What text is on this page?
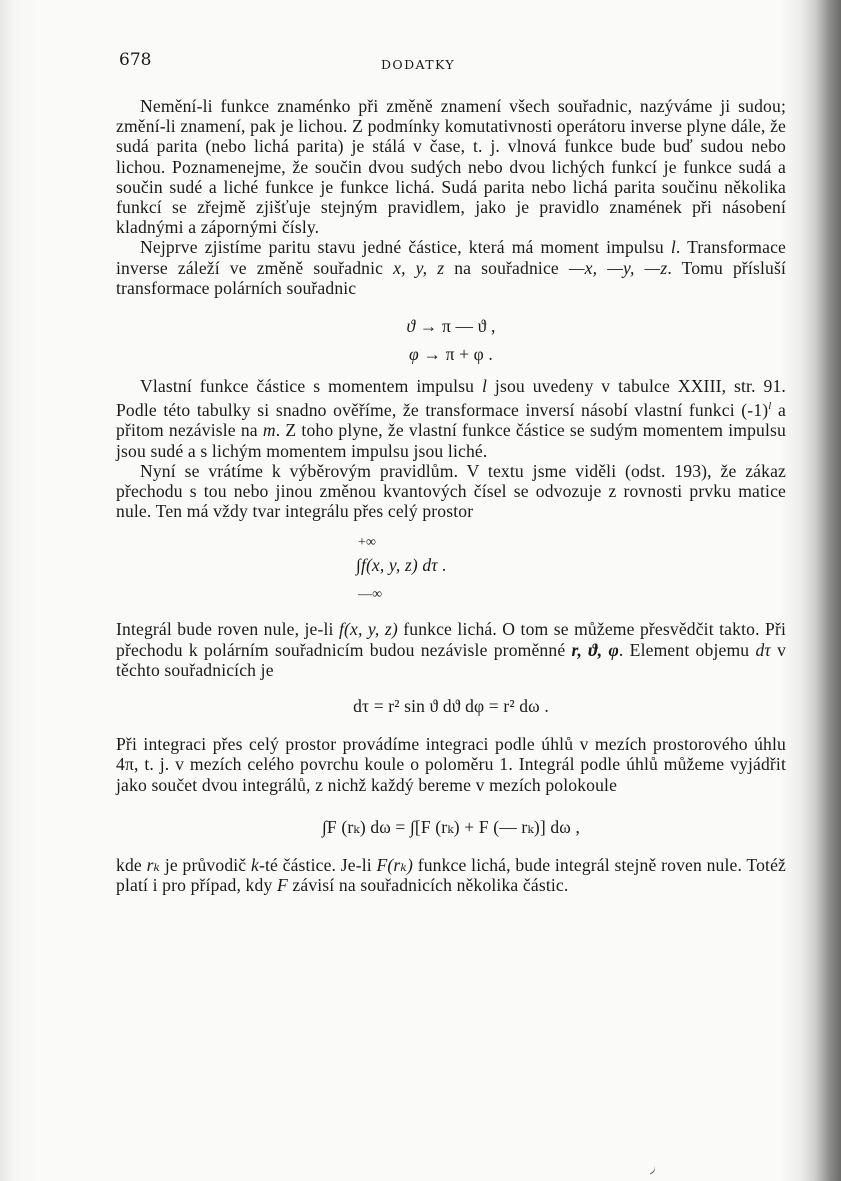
678	DODATKY

Nemění-li funkce znaménko při změně znamení všech souřadnic, nazýváme ji sudou; změní-li znamení, pak je lichou. Z podmínky komutativnosti operátoru inverse plyne dále, že sudá parita (nebo lichá parita) je stálá v čase, t. j. vlnová funkce bude buď sudou nebo lichou. Poznamenejme, že součin dvou sudých nebo dvou lichých funkcí je funkce sudá a součin sudé a liché funkce je funkce lichá. Sudá parita nebo lichá parita součinu několika funkcí se zřejmě zjišťuje stejným pravidlem, jako je pravidlo znamének při násobení kladnými a zápornými čísly.

Nejprve zjistíme paritu stavu jedné částice, která má moment impulsu l. Transformace inverse záleží ve změně souřadnic x, y, z na souřadnice —x, —y, —z. Tomu přísluší transformace polárních souřadnic

ϑ → π — ϑ ,

φ → π + φ .

Vlastní funkce částice s momentem impulsu l jsou uvedeny v tabulce XXIII, str. 91. Podle této tabulky si snadno ověříme, že transformace inversí násobí vlastní funkci $(-1)^l$ a přitom nezávisle na m. Z toho plyne, že vlastní funkce částice se sudým momentem impulsu jsou sudé a s lichým momentem impulsu jsou liché.

Nyní se vrátíme k výběrovým pravidlům. V textu jsme viděli (odst. 193), že zákaz přechodu s tou nebo jinou změnou kvantových čísel se odvozuje z rovnosti prvku matice nule. Ten má vždy tvar integrálu přes celý prostor

+∞
∫f(x, y, z) dτ .
—∞

Integrál bude roven nule, je-li f(x, y, z) funkce lichá. O tom se můžeme přesvědčit takto. Při přechodu k polárním souřadnicím budou nezávisle proměnné r, ϑ, φ. Element objemu dτ v těchto souřadnicích je

dτ = r² sin ϑ dϑ dφ = r² dω .

Při integraci přes celý prostor provádíme integraci podle úhlů v mezích prostorového úhlu 4π, t. j. v mezích celého povrchu koule o poloměru 1. Integrál podle úhlů můžeme vyjádřit jako součet dvou integrálů, z nichž každý bereme v mezích polokoule

∫F (rₖ) dω = ∫[F (rₖ) + F (— rₖ)] dω ,

kde rₖ je průvodič k-té částice. Je-li F(rₖ) funkce lichá, bude integrál stejně roven nule. Totéž platí i pro případ, kdy F závisí na souřadnicích několika částic.
